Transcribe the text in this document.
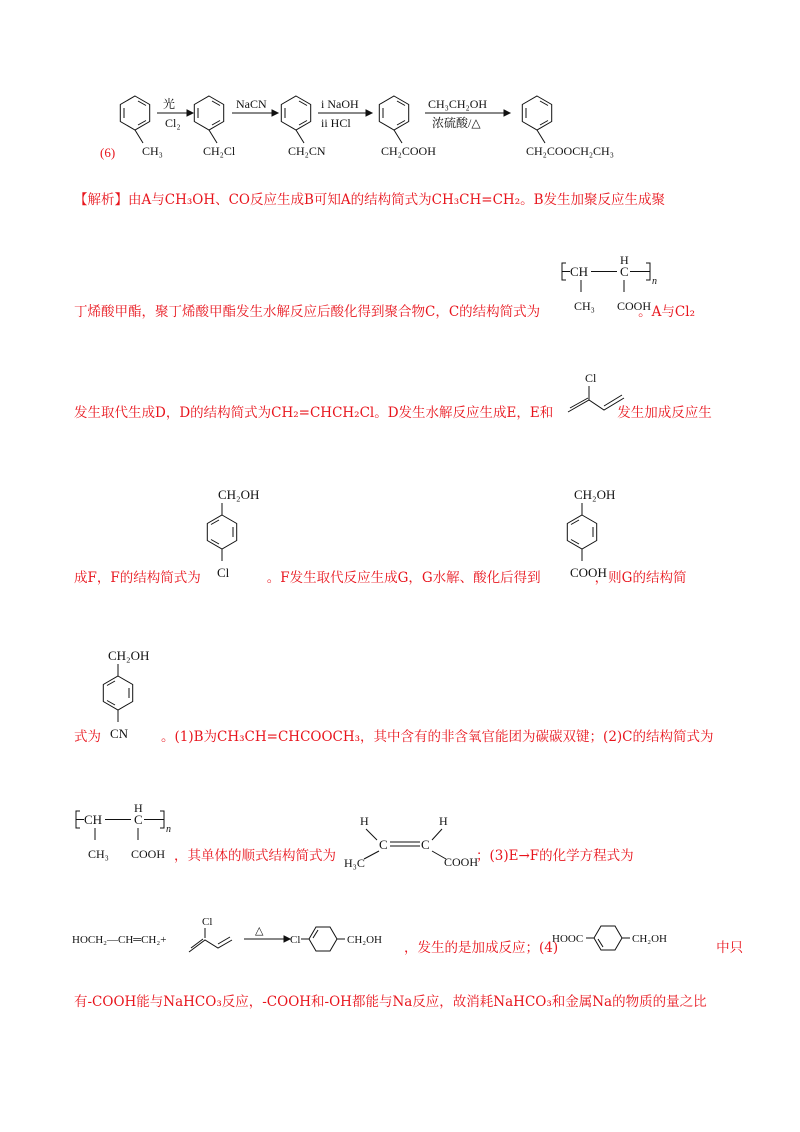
(6) CH₃
光
Cl₂
CH₂Cl
NaCN
CH₂CN
i NaOH
ii HCl
CH₂COOH
CH₃CH₂OH
浓硫酸/△
CH₂COOCH₂CH₃
【解析】由A与CH₃OH、CO反应生成B可知A的结构简式为CH₃CH=CH₂。B发生加聚反应生成聚
CH C
H
n
CH₃ COOH
丁烯酸甲酯，聚丁烯酸甲酯发生水解反应后酸化得到聚合物C，C的结构简式为	。A与Cl₂
Cl
发生取代生成D，D的结构简式为CH₂=CHCH₂Cl。D发生水解反应生成E，E和	发生加成反应生
CH₂OH
Cl
CH₂OH
COOH
成F，F的结构简式为	。F发生取代反应生成G，G水解、酸化后得到	，则G的结构简
CH₂OH
CN
式为	。(1)B为CH₃CH=CHCOOCH₃，其中含有的非含氧官能团为碳碳双键；(2)C的结构简式为
CH C
H
n
CH₃ COOH
H	H
C	C
H₃C	COOH
，其单体的顺式结构简式为	；(3)E→F的化学方程式为
HOCH₂—CH═CH₂+
Cl
△
Cl	CH₂OH	HOOC	CH₂OH
，发生的是加成反应；(4)	中只
有-COOH能与NaHCO₃反应，-COOH和-OH都能与Na反应，故消耗NaHCO₃和金属Na的物质的量之比
